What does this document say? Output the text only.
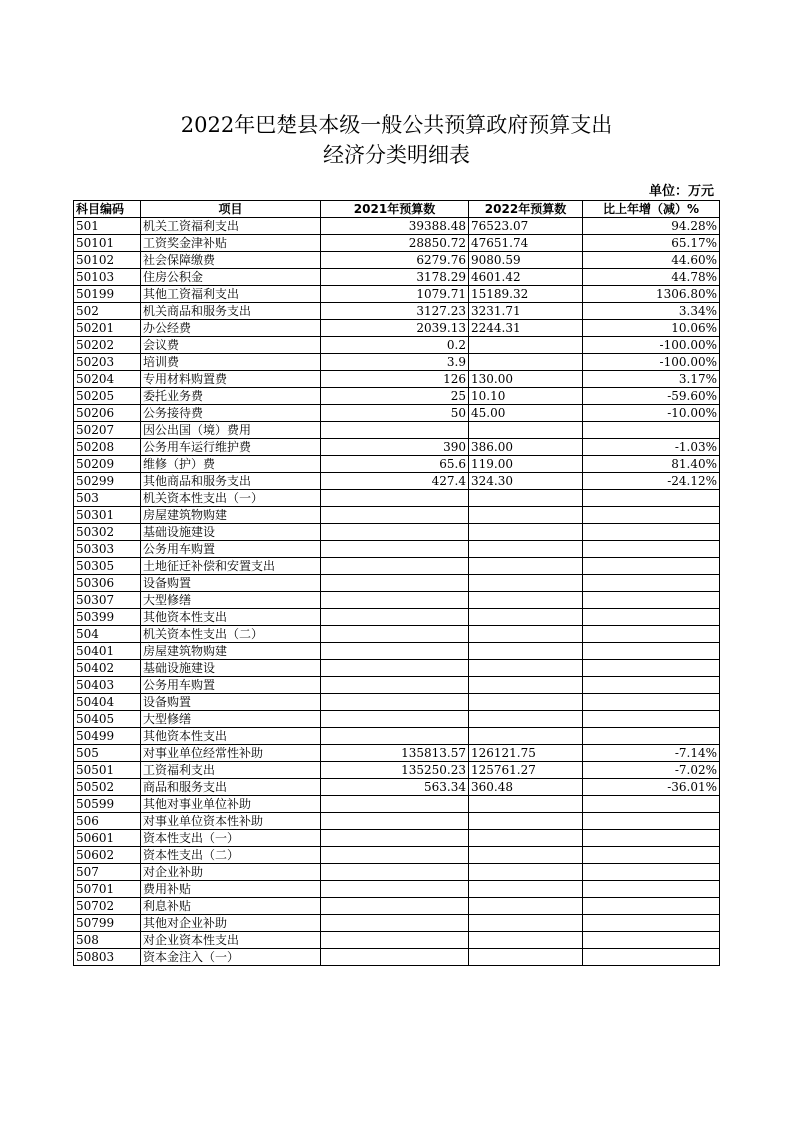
2022年巴楚县本级一般公共预算政府预算支出
经济分类明细表
单位：万元
科目编码	项目	2021年预算数	2022年预算数	比上年增（减）%
501	机关工资福利支出	39388.48	76523.07	94.28%
50101	工资奖金津补贴	28850.72	47651.74	65.17%
50102	社会保障缴费	6279.76	9080.59	44.60%
50103	住房公积金	3178.29	4601.42	44.78%
50199	其他工资福利支出	1079.71	15189.32	1306.80%
502	机关商品和服务支出	3127.23	3231.71	3.34%
50201	办公经费	2039.13	2244.31	10.06%
50202	会议费	0.2		-100.00%
50203	培训费	3.9		-100.00%
50204	专用材料购置费	126	130.00	3.17%
50205	委托业务费	25	10.10	-59.60%
50206	公务接待费	50	45.00	-10.00%
50207	因公出国（境）费用			
50208	公务用车运行维护费	390	386.00	-1.03%
50209	维修（护）费	65.6	119.00	81.40%
50299	其他商品和服务支出	427.4	324.30	-24.12%
503	机关资本性支出（一）			
50301	房屋建筑物购建			
50302	基础设施建设			
50303	公务用车购置			
50305	土地征迁补偿和安置支出			
50306	设备购置			
50307	大型修缮			
50399	其他资本性支出			
504	机关资本性支出（二）			
50401	房屋建筑物购建			
50402	基础设施建设			
50403	公务用车购置			
50404	设备购置			
50405	大型修缮			
50499	其他资本性支出			
505	对事业单位经常性补助	135813.57	126121.75	-7.14%
50501	工资福利支出	135250.23	125761.27	-7.02%
50502	商品和服务支出	563.34	360.48	-36.01%
50599	其他对事业单位补助			
506	对事业单位资本性补助			
50601	资本性支出（一）			
50602	资本性支出（二）			
507	对企业补助			
50701	费用补贴			
50702	利息补贴			
50799	其他对企业补助			
508	对企业资本性支出			
50803	资本金注入（一）			
